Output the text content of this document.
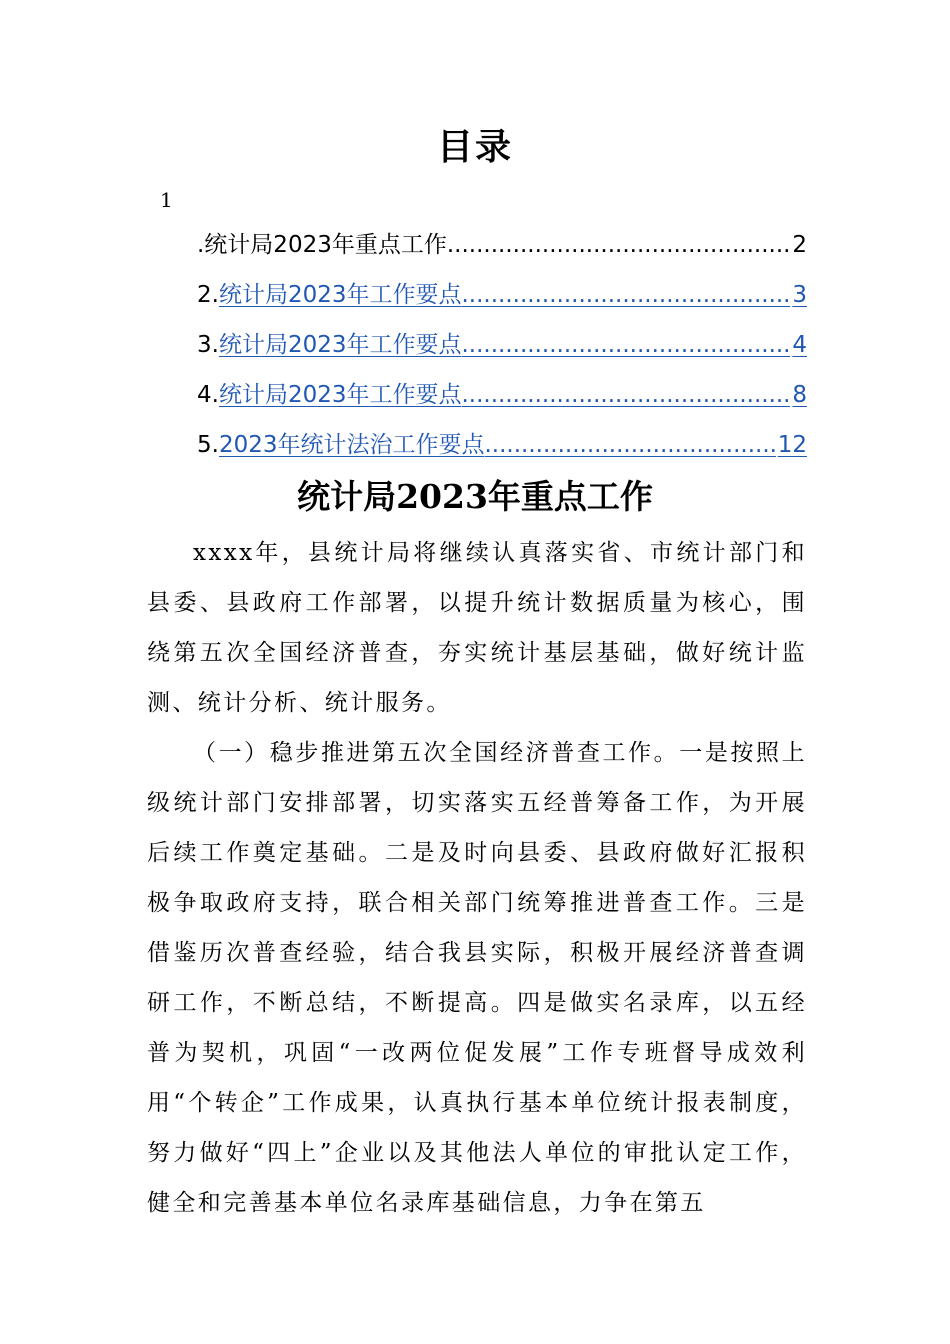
目录
1
.统计局2023年重点工作 .....	2
2. 统计局2023年工作要点 .....	3
3. 统计局2023年工作要点 .....	4
4. 统计局2023年工作要点 .....	8
5. 2023年统计法治工作要点 .....	12
统计局2023年重点工作

xxxx年，县统计局将继续认真落实省、市统计部门和县委、县政府工作部署，以提升统计数据质量为核心，围绕第五次全国经济普查，夯实统计基层基础，做好统计监测、统计分析、统计服务。

（一）稳步推进第五次全国经济普查工作。一是按照上级统计部门安排部署，切实落实五经普筹备工作，为开展后续工作奠定基础。二是及时向县委、县政府做好汇报积极争取政府支持，联合相关部门统筹推进普查工作。三是借鉴历次普查经验，结合我县实际，积极开展经济普查调研工作，不断总结，不断提高。四是做实名录库，以五经普为契机，巩固“一改两位促发展”工作专班督导成效利用“个转企”工作成果，认真执行基本单位统计报表制度，努力做好“四上”企业以及其他法人单位的审批认定工作，健全和完善基本单位名录库基础信息，力争在第五
